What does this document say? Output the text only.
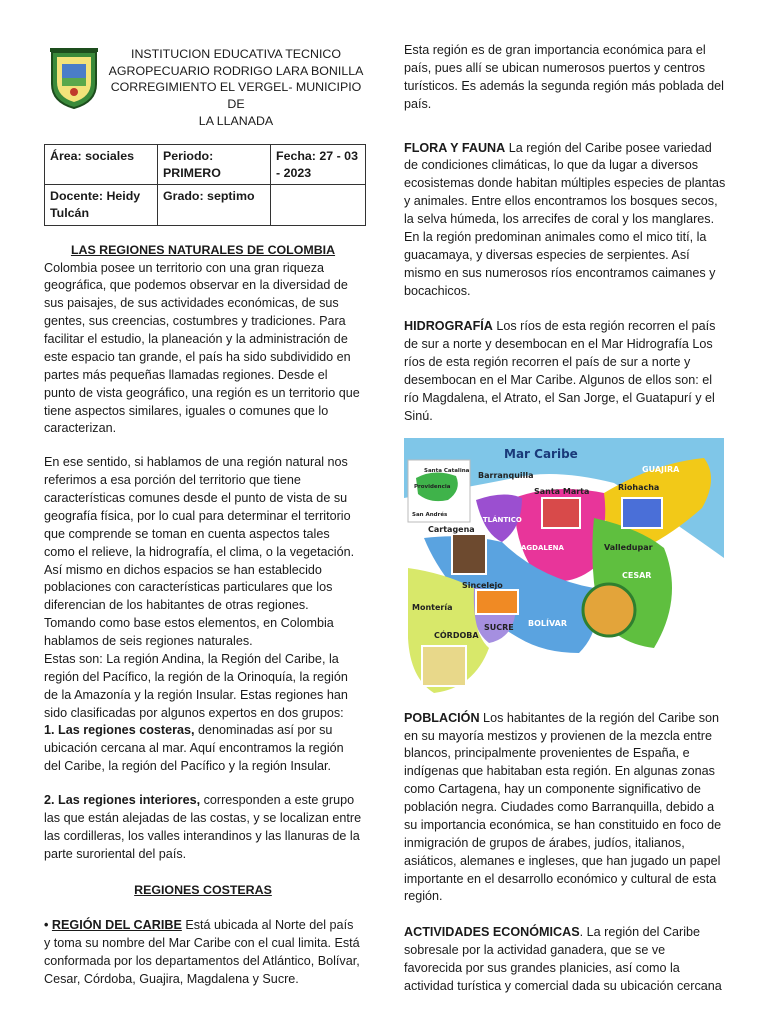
INSTITUCION EDUCATIVA TECNICO
AGROPECUARIO RODRIGO LARA BONILLA
CORREGIMIENTO EL VERGEL- MUNICIPIO DE
LA LLANADA
Área: sociales	Periodo: PRIMERO	Fecha: 27 - 03 - 2023
Docente: Heidy Tulcán	Grado: septimo	
LAS REGIONES NATURALES DE COLOMBIA

Colombia posee un territorio con una gran riqueza geográfica, que podemos observar en la diversidad de sus paisajes, de sus actividades económicas, de sus gentes, sus creencias, costumbres y tradiciones. Para facilitar el estudio, la planeación y la administración de este espacio tan grande, el país ha sido subdividido en partes más pequeñas llamadas regiones. Desde el punto de vista geográfico, una región es un territorio que tiene aspectos similares, iguales o comunes que lo caracterizan.

En ese sentido, si hablamos de una región natural nos referimos a esa porción del territorio que tiene características comunes desde el punto de vista de su geografía física, por lo cual para determinar el territorio que comprende se toman en cuenta aspectos tales como el relieve, la hidrografía, el clima, o la vegetación. Así mismo en dichos espacios se han establecido poblaciones con características particulares que los diferencian de los habitantes de otras regiones. Tomando como base estos elementos, en Colombia hablamos de seis regiones naturales.

Estas son: La región Andina, la Región del Caribe, la región del Pacífico, la región de la Orinoquía, la región de la Amazonía y la región Insular. Estas regiones han sido clasificadas por algunos expertos en dos grupos:

1. Las regiones costeras, denominadas así por su ubicación cercana al mar. Aquí encontramos la región del Caribe, la región del Pacífico y la región Insular.

2. Las regiones interiores, corresponden a este grupo las que están alejadas de las costas, y se localizan entre las cordilleras, los valles interandinos y las llanuras de la parte suroriental del país.

REGIONES COSTERAS

• REGIÓN DEL CARIBE Está ubicada al Norte del país y toma su nombre del Mar Caribe con el cual limita. Está conformada por los departamentos del Atlántico, Bolívar, Cesar, Córdoba, Guajira, Magdalena y Sucre.

Esta región es de gran importancia económica para el país, pues allí se ubican numerosos puertos y centros turísticos. Es además la segunda región más poblada del país.

FLORA Y FAUNA La región del Caribe posee variedad de condiciones climáticas, lo que da lugar a diversos ecosistemas donde habitan múltiples especies de plantas y animales. Entre ellos encontramos los bosques secos, la selva húmeda, los arrecifes de coral y los manglares. En la región predominan animales como el mico tití, la guacamaya, y diversas especies de serpientes. Así mismo en sus numerosos ríos encontramos caimanes y bocachicos.

HIDROGRAFÍA Los ríos de esta región recorren el país de sur a norte y desembocan en el Mar Hidrografía Los ríos de esta región recorren el país de sur a norte y desembocan en el Mar Caribe. Algunos de ellos son: el río Magdalena, el Atrato, el San Jorge, el Guatapurí y el Sinú.

Mar Caribe
GUAJIRA
Riohacha
Santa Marta
Barranquilla
ATLÁNTICO
Cartagena
MAGDALENA	Valledupar
CESAR
Sincelejo
Montería
SUCRE BOLÍVAR
CÓRDOBA
Santa Catalina
Providencia
San Andrés

POBLACIÓN Los habitantes de la región del Caribe son en su mayoría mestizos y provienen de la mezcla entre blancos, principalmente provenientes de España, e indígenas que habitaban esta región. En algunas zonas como Cartagena, hay un componente significativo de población negra. Ciudades como Barranquilla, debido a su importancia económica, se han constituido en foco de inmigración de grupos de árabes, judíos, italianos, asiáticos, alemanes e ingleses, que han jugado un papel importante en el desarrollo económico y cultural de esta región.

ACTIVIDADES ECONÓMICAS. La región del Caribe sobresale por la actividad ganadera, que se ve favorecida por sus grandes planicies, así como la actividad turística y comercial dada su ubicación cercana
